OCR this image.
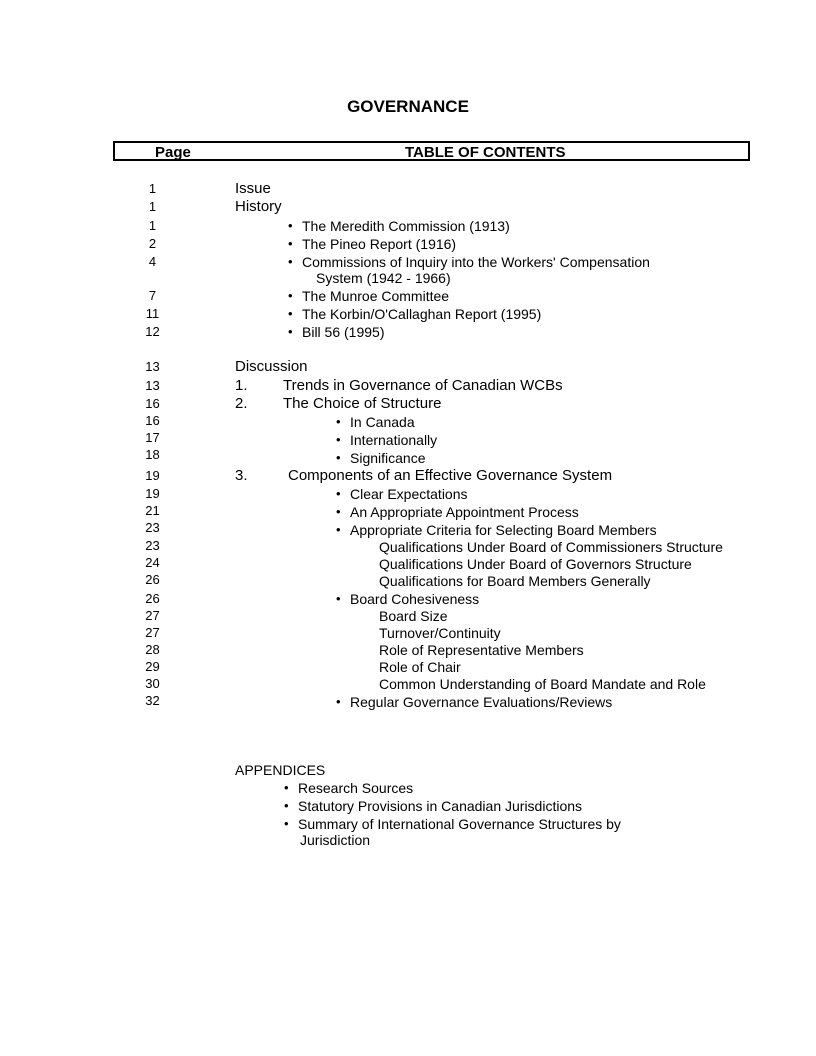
GOVERNANCE
Page	TABLE OF CONTENTS
1
1
1
2
4
7
11
12
13
13
16
16
17
18
19
19
21
23
23
24
26
26
27
27
28
29
30
32
Issue
History
• The Meredith Commission (1913)
• The Pineo Report (1916)
• Commissions of Inquiry into the Workers' Compensation
System (1942 - 1966)
• The Munroe Committee
• The Korbin/O'Callaghan Report (1995)
• Bill 56 (1995)
Discussion
1. Trends in Governance of Canadian WCBs
2. The Choice of Structure
• In Canada
• Internationally
• Significance
3.	Components of an Effective Governance System
• Clear Expectations
• An Appropriate Appointment Process
• Appropriate Criteria for Selecting Board Members
Qualifications Under Board of Commissioners Structure
Qualifications Under Board of Governors Structure
Qualifications for Board Members Generally
• Board Cohesiveness
Board Size
Turnover/Continuity
Role of Representative Members
Role of Chair
Common Understanding of Board Mandate and Role
• Regular Governance Evaluations/Reviews
APPENDICES
• Research Sources
• Statutory Provisions in Canadian Jurisdictions
• Summary of International Governance Structures by
Jurisdiction
